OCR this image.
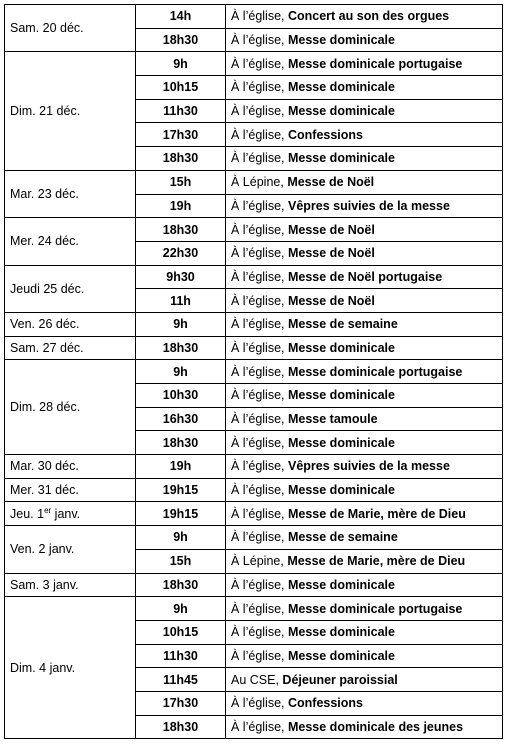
Sam. 20 déc.	14h	À l’église, Concert au son des orgues
	18h30	À l’église, Messe dominicale
Dim. 21 déc.	9h	À l’église, Messe dominicale portugaise
	10h15	À l’église, Messe dominicale
	11h30	À l’église, Messe dominicale
	17h30	À l’église, Confessions
	18h30	À l’église, Messe dominicale
Mar. 23 déc.	15h	À Lépine, Messe de Noël
	19h	À l’église, Vêpres suivies de la messe
Mer. 24 déc.	18h30	À l’église, Messe de Noël
	22h30	À l’église, Messe de Noël
Jeudi 25 déc.	9h30	À l’église, Messe de Noël portugaise
	11h	À l’église, Messe de Noël
Ven. 26 déc.	9h	À l’église, Messe de semaine
Sam. 27 déc.	18h30	À l’église, Messe dominicale
Dim. 28 déc.	9h	À l’église, Messe dominicale portugaise
	10h30	À l’église, Messe dominicale
	16h30	À l’église, Messe tamoule
	18h30	À l’église, Messe dominicale
Mar. 30 déc.	19h	À l’église, Vêpres suivies de la messe
Mer. 31 déc.	19h15	À l’église, Messe dominicale
Jeu. 1er janv.	19h15	À l’église, Messe de Marie, mère de Dieu
Ven. 2 janv.	9h	À l’église, Messe de semaine
	15h	À Lépine, Messe de Marie, mère de Dieu
Sam. 3 janv.	18h30	À l’église, Messe dominicale
Dim. 4 janv.	9h	À l’église, Messe dominicale portugaise
	10h15	À l’église, Messe dominicale
	11h30	À l’église, Messe dominicale
	11h45	Au CSE, Déjeuner paroissial
	17h30	À l’église, Confessions
	18h30	À l’église, Messe dominicale des jeunes
